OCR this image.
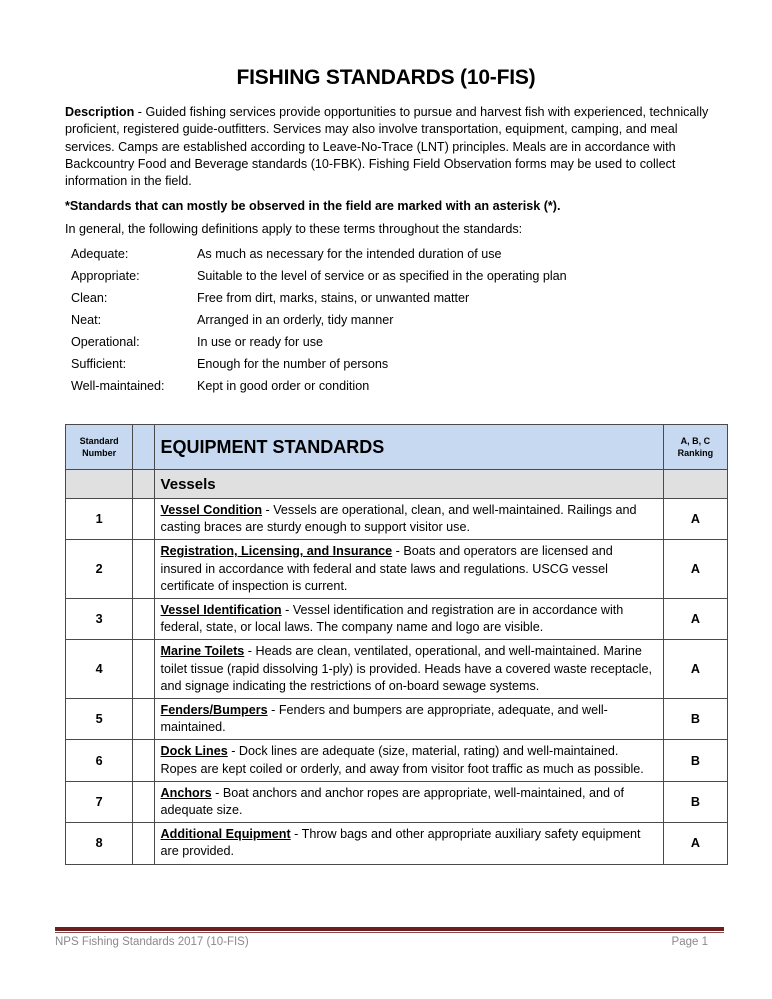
FISHING STANDARDS (10-FIS)
Description - Guided fishing services provide opportunities to pursue and harvest fish with experienced, technically proficient, registered guide-outfitters. Services may also involve transportation, equipment, camping, and meal services. Camps are established according to Leave-No-Trace (LNT) principles. Meals are in accordance with Backcountry Food and Beverage standards (10-FBK). Fishing Field Observation forms may be used to collect information in the field.
*Standards that can mostly be observed in the field are marked with an asterisk (*).
In general, the following definitions apply to these terms throughout the standards:
Adequate:	As much as necessary for the intended duration of use
Appropriate:	Suitable to the level of service or as specified in the operating plan
Clean:	Free from dirt, marks, stains, or unwanted matter
Neat:	Arranged in an orderly, tidy manner
Operational:	In use or ready for use
Sufficient:	Enough for the number of persons
Well-maintained:	Kept in good order or condition
Standard
Number		EQUIPMENT STANDARDS	A, B, C
Ranking
		Vessels	
1		Vessel Condition - Vessels are operational, clean, and well-maintained. Railings and casting braces are sturdy enough to support visitor use.	A
2		Registration, Licensing, and Insurance - Boats and operators are licensed and insured in accordance with federal and state laws and regulations. USCG vessel certificate of inspection is current.	A
3		Vessel Identification - Vessel identification and registration are in accordance with federal, state, or local laws. The company name and logo are visible.	A
4		Marine Toilets - Heads are clean, ventilated, operational, and well-maintained. Marine toilet tissue (rapid dissolving 1-ply) is provided. Heads have a covered waste receptacle, and signage indicating the restrictions of on-board sewage systems.	A
5		Fenders/Bumpers - Fenders and bumpers are appropriate, adequate, and well-maintained.	B
6		Dock Lines - Dock lines are adequate (size, material, rating) and well-maintained. Ropes are kept coiled or orderly, and away from visitor foot traffic as much as possible.	B
7		Anchors - Boat anchors and anchor ropes are appropriate, well-maintained, and of adequate size.	B
8		Additional Equipment - Throw bags and other appropriate auxiliary safety equipment are provided.	A
NPS Fishing Standards 2017 (10-FIS)	Page 1
